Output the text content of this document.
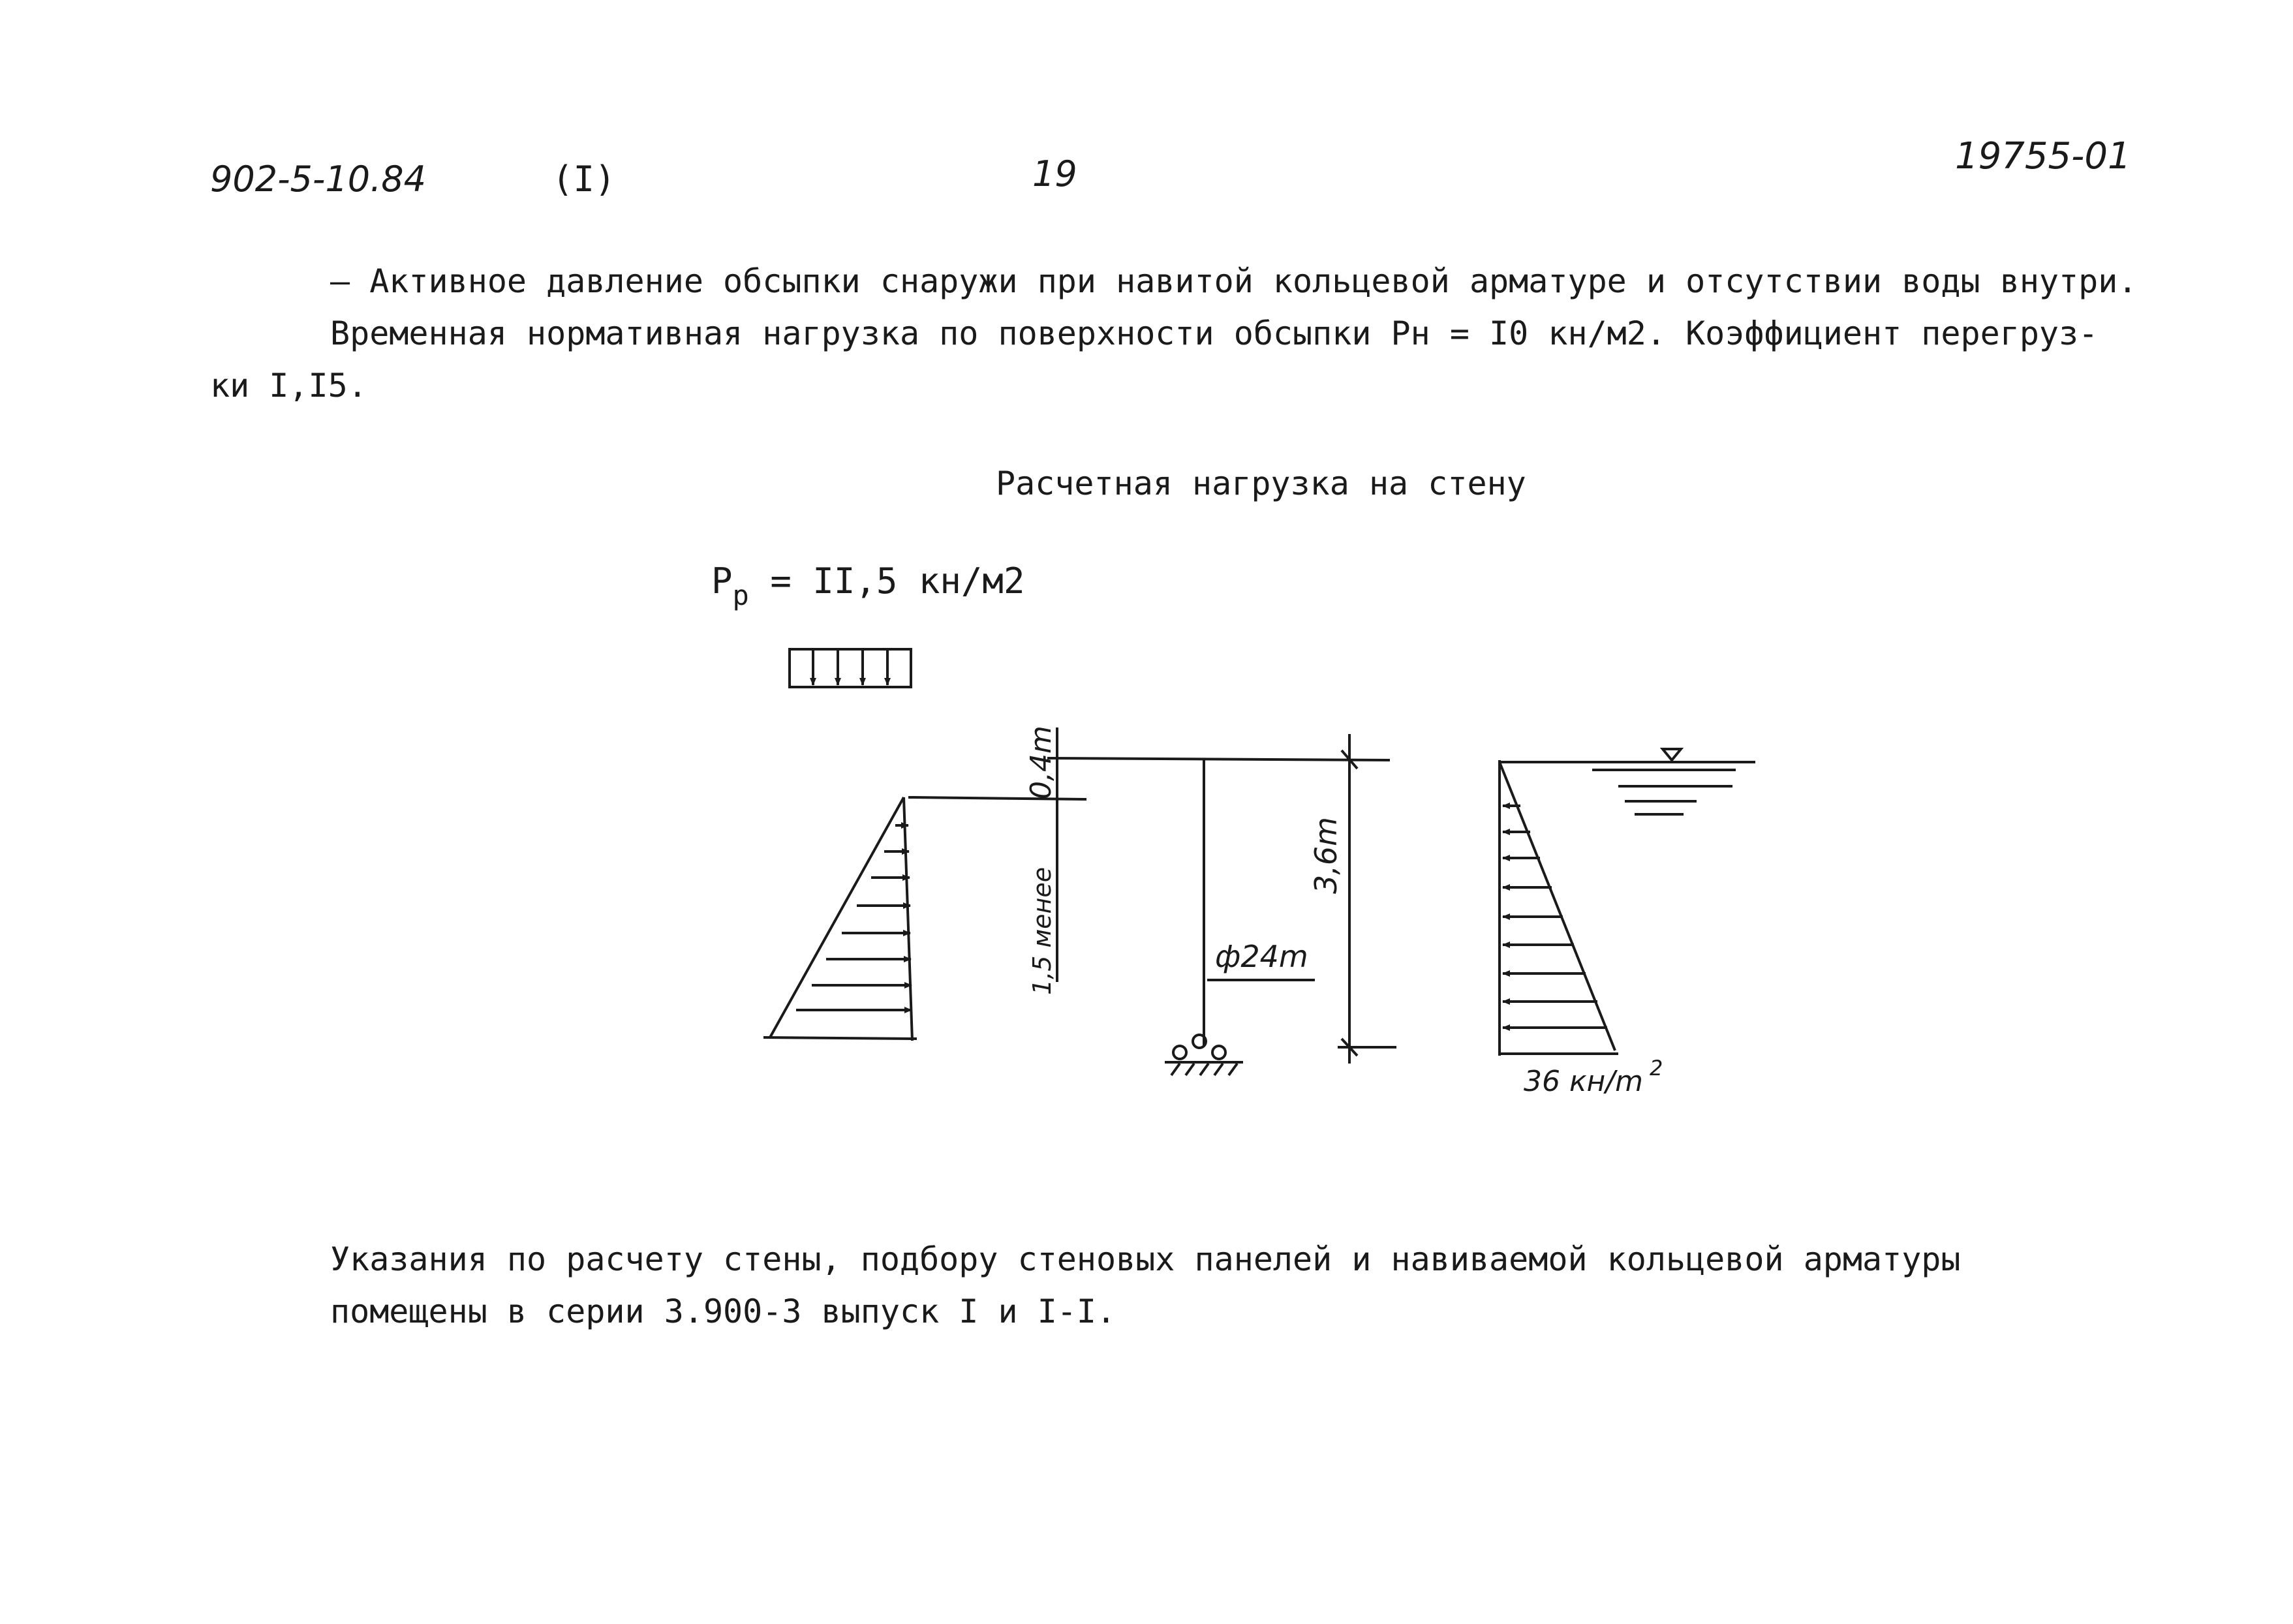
902-5-10.84	(I)	19	19755-01
– Активное давление обсыпки снаружи при навитой кольцевой арматуре и отсутствии воды внутри.
Временная нормативная нагрузка по поверхности обсыпки Pн = I0 кн/м2. Коэффициент перегруз-
ки I,I5.
Расчетная нагрузка на стену
$P_p = II,5$ кн/м2
0,4m
1,5 менее
3,6m
ф24m
36 кн/m $^2$
Указания по расчету стены, подбору стеновых панелей и навиваемой кольцевой арматуры
помещены в серии 3.900-3 выпуск I и I-I.
